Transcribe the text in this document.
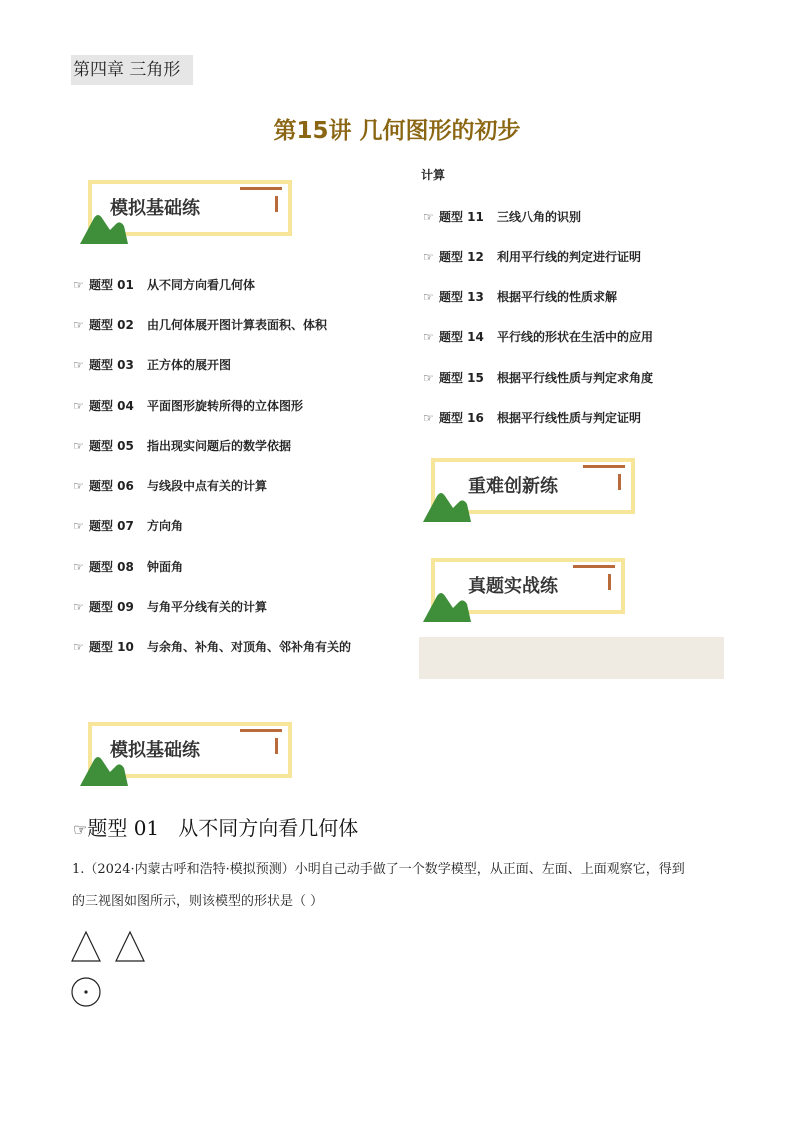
第四章 三角形
第15讲 几何图形的初步
模拟基础练
☞ 题型 01 从不同方向看几何体
☞ 题型 02 由几何体展开图计算表面积、体积
☞ 题型 03 正方体的展开图
☞ 题型 04 平面图形旋转所得的立体图形
☞ 题型 05 指出现实问题后的数学依据
☞ 题型 06 与线段中点有关的计算
☞ 题型 07 方向角
☞ 题型 08 钟面角
☞ 题型 09 与角平分线有关的计算
☞ 题型 10 与余角、补角、对顶角、邻补角有关的
计算
☞ 题型 11 三线八角的识别
☞ 题型 12 利用平行线的判定进行证明
☞ 题型 13 根据平行线的性质求解
☞ 题型 14 平行线的形状在生活中的应用
☞ 题型 15 根据平行线性质与判定求角度
☞ 题型 16 根据平行线性质与判定证明
重难创新练
真题实战练
模拟基础练
☞题型 01 从不同方向看几何体
1.（2024·内蒙古呼和浩特·模拟预测）小明自己动手做了一个数学模型，从正面、左面、上面观察它，得到
的三视图如图所示，则该模型的形状是（ ）
